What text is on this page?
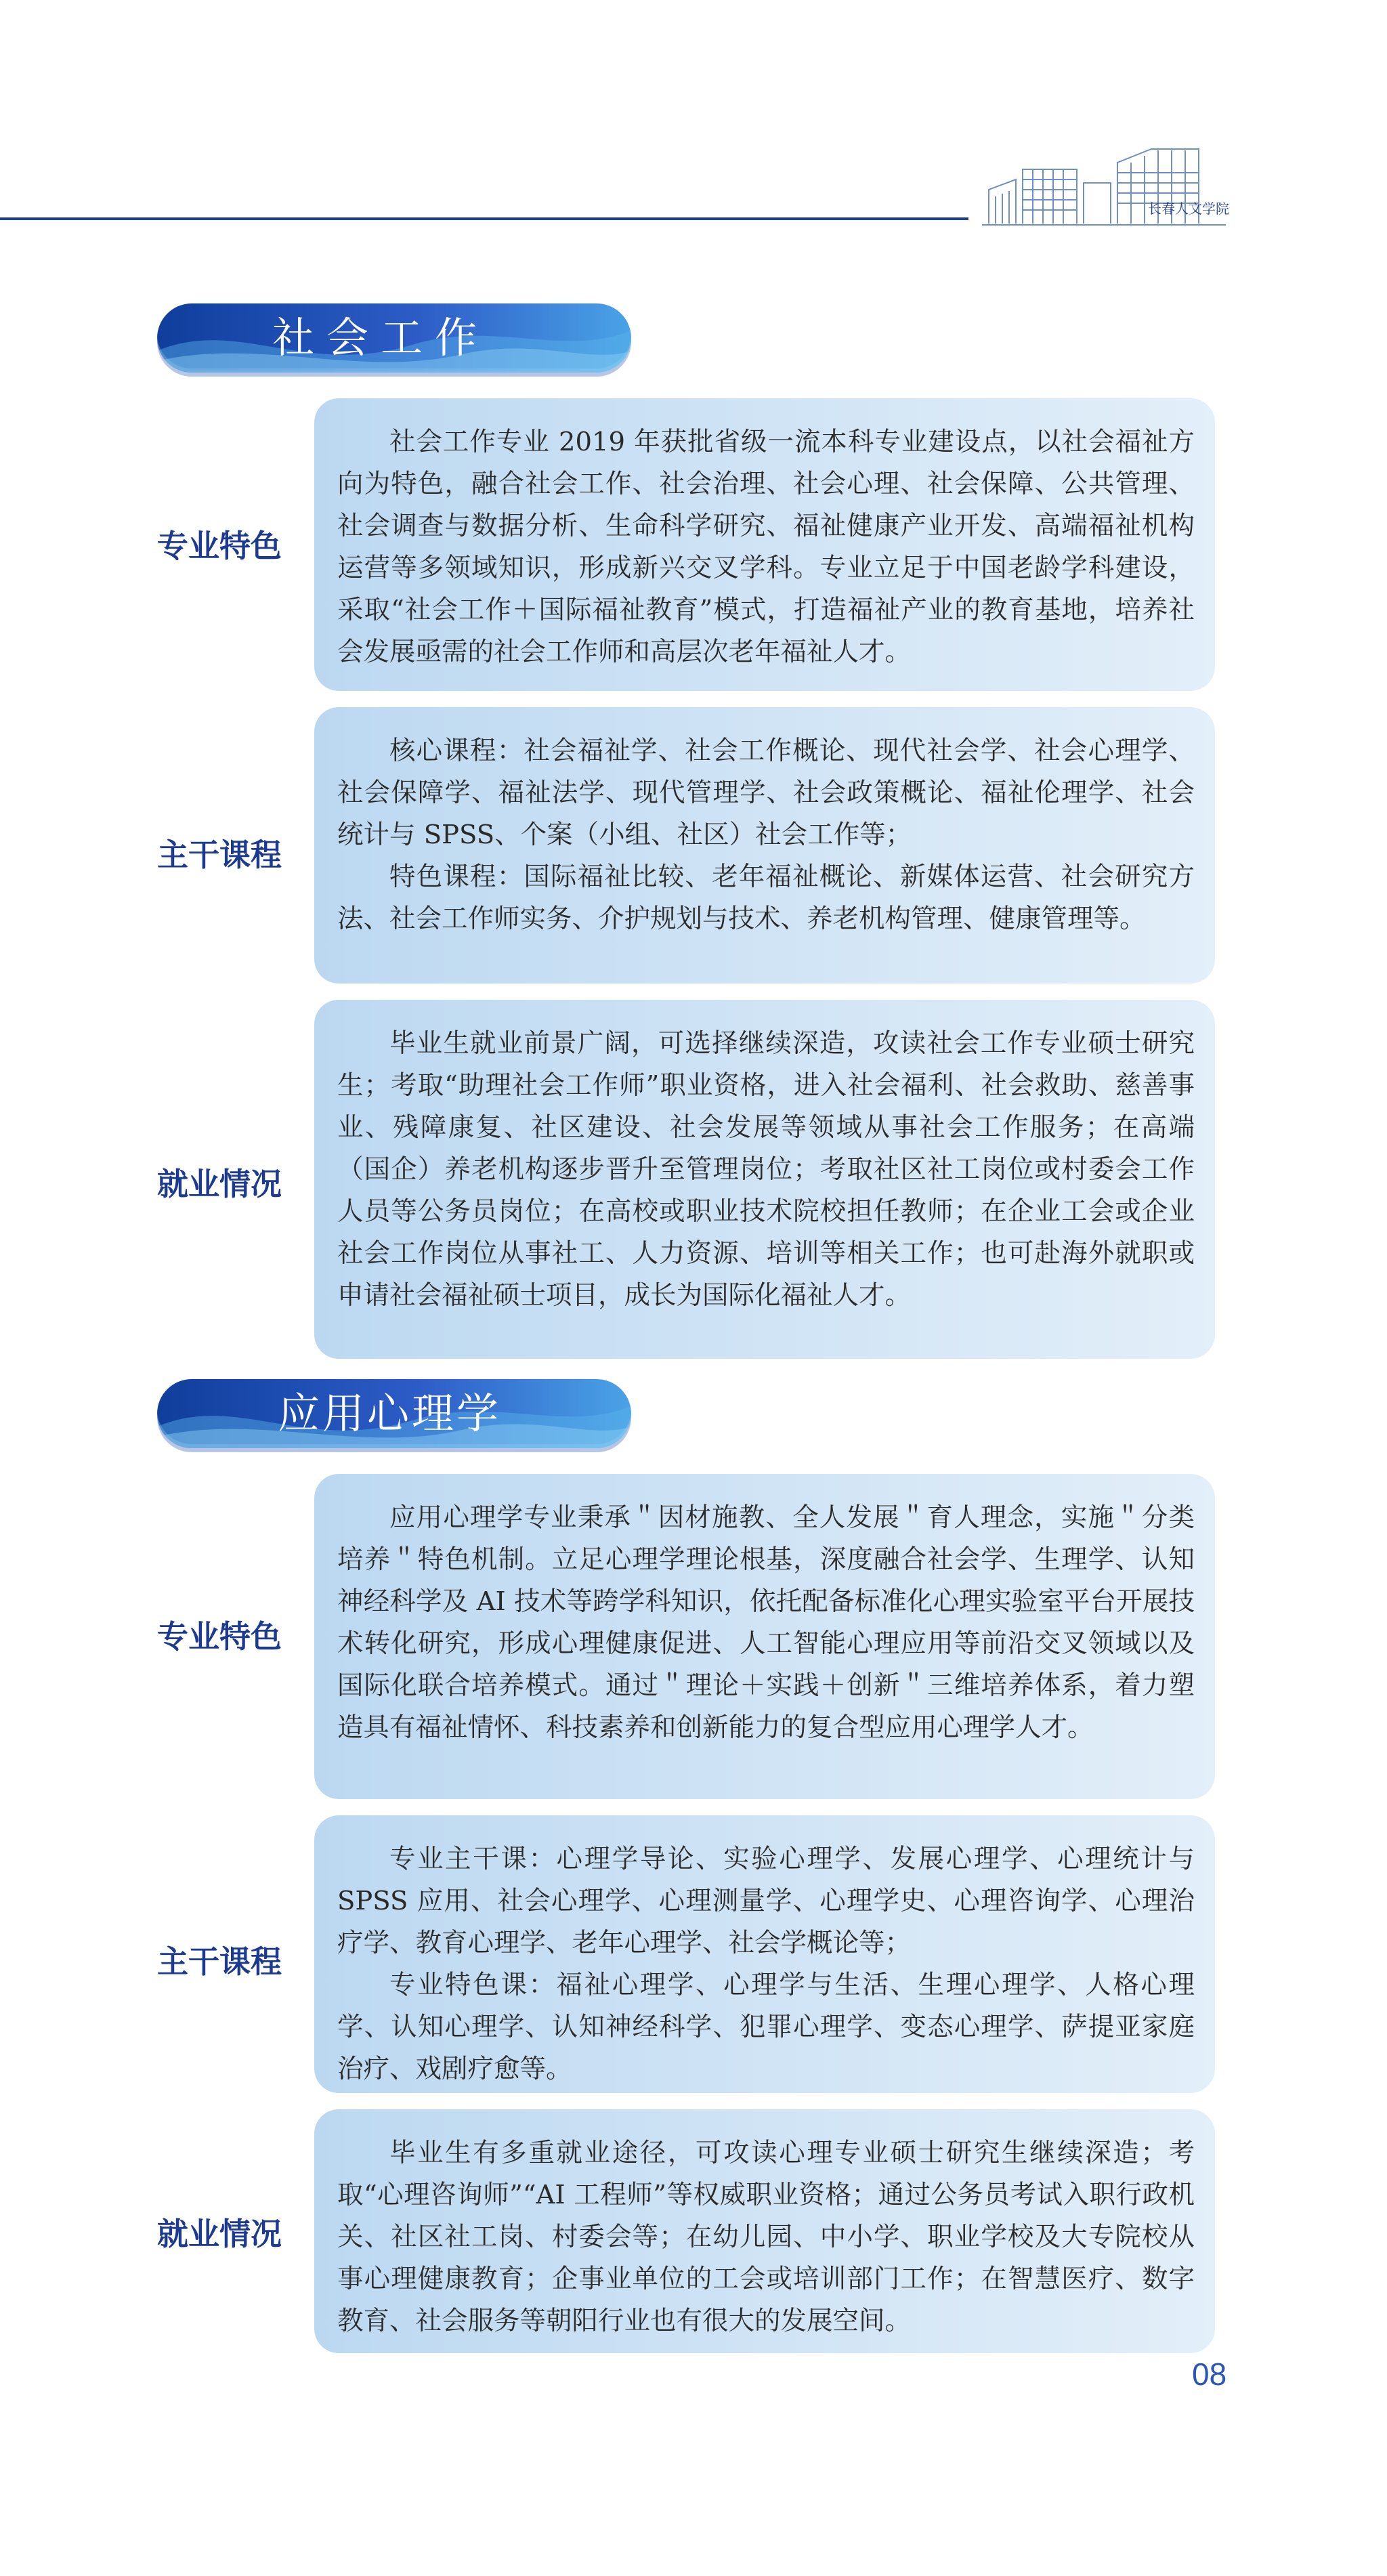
长春人文学院
社会工作
专业特色

社会工作专业 2019 年获批省级一流本科专业建设点，以社会福祉方向为特色，融合社会工作、社会治理、社会心理、社会保障、公共管理、社会调查与数据分析、生命科学研究、福祉健康产业开发、高端福祉机构运营等多领域知识，形成新兴交叉学科。专业立足于中国老龄学科建设，采取“社会工作＋国际福祉教育”模式，打造福祉产业的教育基地，培养社会发展亟需的社会工作师和高层次老年福祉人才。

主干课程

核心课程：社会福祉学、社会工作概论、现代社会学、社会心理学、社会保障学、福祉法学、现代管理学、社会政策概论、福祉伦理学、社会统计与 SPSS、个案（小组、社区）社会工作等；

特色课程：国际福祉比较、老年福祉概论、新媒体运营、社会研究方法、社会工作师实务、介护规划与技术、养老机构管理、健康管理等。

就业情况

毕业生就业前景广阔，可选择继续深造，攻读社会工作专业硕士研究生；考取“助理社会工作师”职业资格，进入社会福利、社会救助、慈善事业、残障康复、社区建设、社会发展等领域从事社会工作服务；在高端（国企）养老机构逐步晋升至管理岗位；考取社区社工岗位或村委会工作人员等公务员岗位；在高校或职业技术院校担任教师；在企业工会或企业社会工作岗位从事社工、人力资源、培训等相关工作；也可赴海外就职或申请社会福祉硕士项目，成长为国际化福祉人才。

应用心理学
专业特色

应用心理学专业秉承＂因材施教、全人发展＂育人理念，实施＂分类培养＂特色机制。立足心理学理论根基，深度融合社会学、生理学、认知神经科学及 AI 技术等跨学科知识，依托配备标准化心理实验室平台开展技术转化研究，形成心理健康促进、人工智能心理应用等前沿交叉领域以及国际化联合培养模式。通过＂理论＋实践＋创新＂三维培养体系，着力塑造具有福祉情怀、科技素养和创新能力的复合型应用心理学人才。

主干课程

专业主干课：心理学导论、实验心理学、发展心理学、心理统计与 SPSS 应用、社会心理学、心理测量学、心理学史、心理咨询学、心理治疗学、教育心理学、老年心理学、社会学概论等；

专业特色课：福祉心理学、心理学与生活、生理心理学、人格心理学、认知心理学、认知神经科学、犯罪心理学、变态心理学、萨提亚家庭治疗、戏剧疗愈等。

就业情况

毕业生有多重就业途径，可攻读心理专业硕士研究生继续深造；考取“心理咨询师”“AI 工程师”等权威职业资格；通过公务员考试入职行政机关、社区社工岗、村委会等；在幼儿园、中小学、职业学校及大专院校从事心理健康教育；企事业单位的工会或培训部门工作；在智慧医疗、数字教育、社会服务等朝阳行业也有很大的发展空间。

08
